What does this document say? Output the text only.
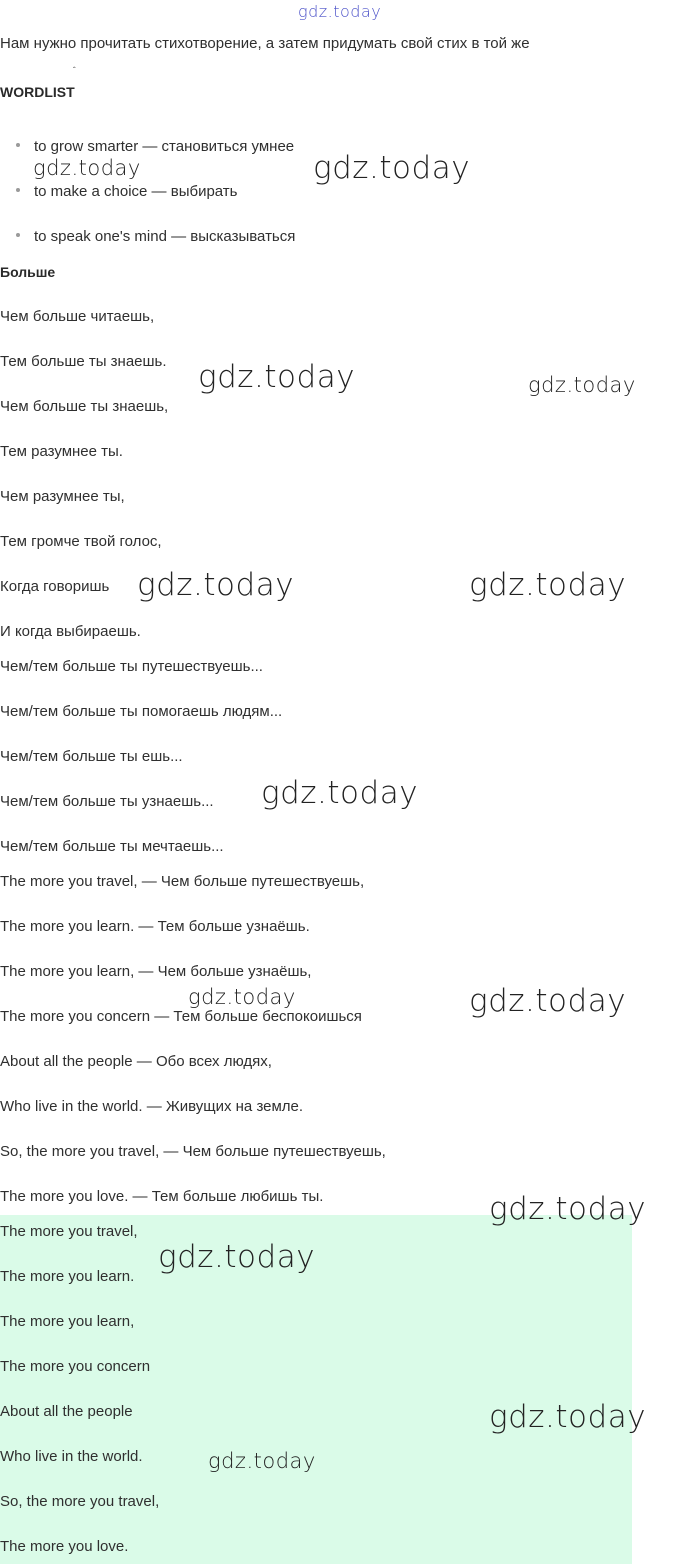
gdz.today
Нам нужно прочитать стихотворение, а затем придумать свой стих в той же
ˆ
WORDLIST
to grow smarter — становиться умнее
to make a choice — выбирать
to speak one's mind — высказываться
Больше
Чем больше читаешь,
Тем больше ты знаешь.
Чем больше ты знаешь,
Тем разумнее ты.
Чем разумнее ты,
Тем громче твой голос,
Когда говоришь
И когда выбираешь.
Чем/тем больше ты путешествуешь...
Чем/тем больше ты помогаешь людям...
Чем/тем больше ты ешь...
Чем/тем больше ты узнаешь...
Чем/тем больше ты мечтаешь...
The more you travel, — Чем больше путешествуешь,
The more you learn. — Тем больше узнаёшь.
The more you learn, — Чем больше узнаёшь,
The more you concern — Тем больше беспокоишься
About all the people — Обо всех людях,
Who live in the world. — Живущих на земле.
So, the more you travel, — Чем больше путешествуешь,
The more you love. — Тем больше любишь ты.
The more you travel,
The more you learn.
The more you learn,
The more you concern
About all the people
Who live in the world.
So, the more you travel,
The more you love.
gdz.today	gdz.today
gdz.today	gdz.today
gdz.today	gdz.today
gdz.today
gdz.today	gdz.today
gdz.today
gdz.today
gdz.today
gdz.today
